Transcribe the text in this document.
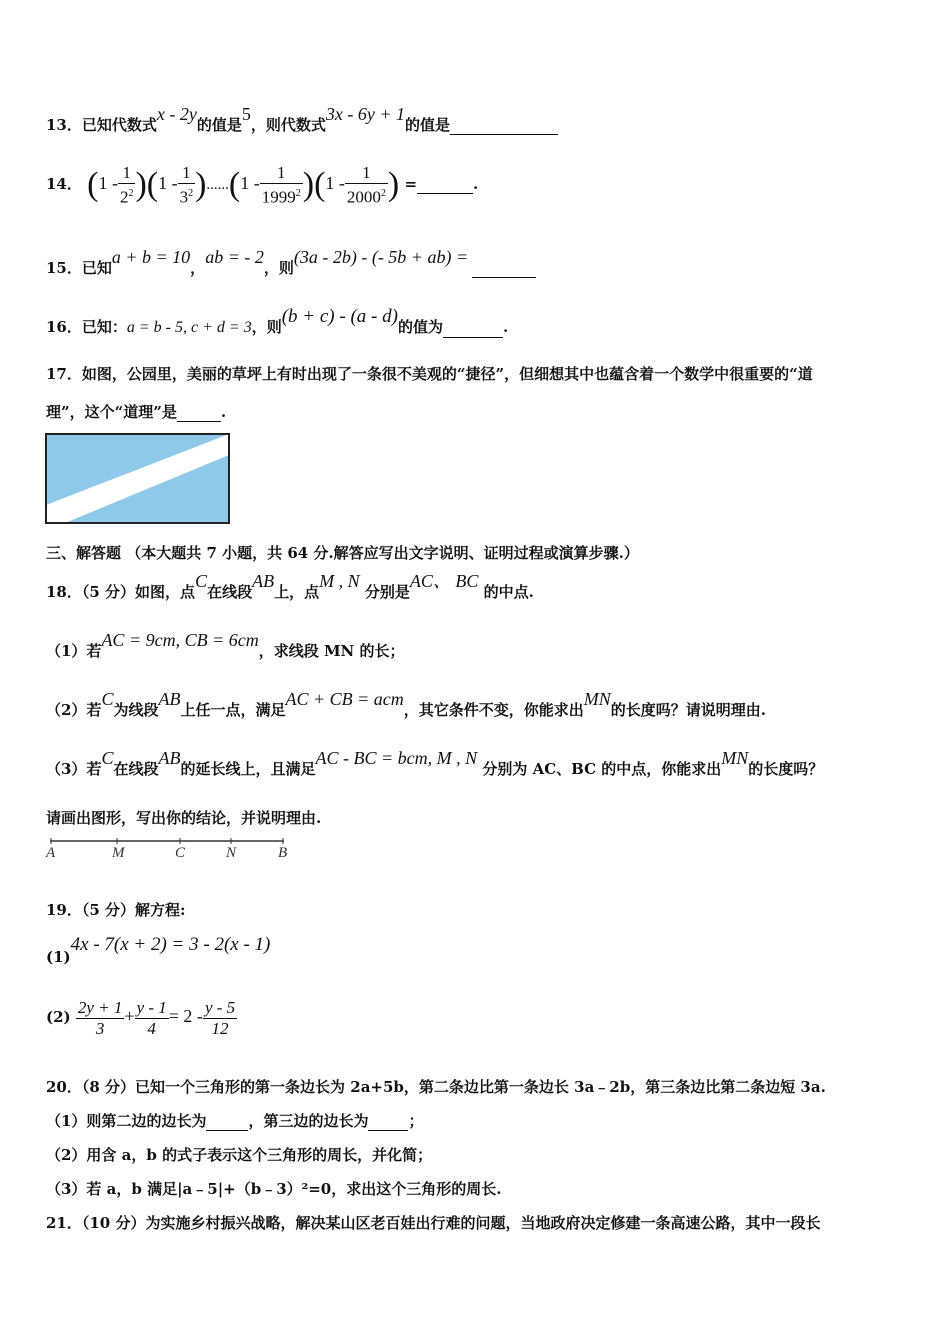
13．已知代数式x - 2y的值是5，则代数式3x - 6y + 1的值是
14． $(1 - \frac{1}{2^2} )(1 - \frac{1}{3^2} )......(1 - \frac{1}{1999^2} )(1 - \frac{1}{2000^2}$ ) =	.
15．已知a + b = 10，ab = - 2，则(3a - 2b) - (- 5b + ab) =
16．已知：a = b - 5, c + d = 3，则(b + c) - (a - d)的值为	.
17．如图，公园里，美丽的草坪上有时出现了一条很不美观的“捷径”，但细想其中也蕴含着一个数学中很重要的“道
理”，这个“道理”是	.
三、解答题 （本大题共 7 小题，共 64 分.解答应写出文字说明、证明过程或演算步骤.）
18．（5 分）如图，点C在线段AB上，点M , N 分别是AC、 BC 的中点.
（1）若AC = 9cm, CB = 6cm，求线段 MN 的长；
（2）若C为线段AB上任一点，满足AC + CB = acm，其它条件不变，你能求出MN的长度吗？请说明理由.
（3）若C在线段AB的延长线上，且满足AC - BC = bcm, M , N 分别为 AC、BC 的中点，你能求出MN的长度吗？
请画出图形，写出你的结论，并说明理由.
A	M	C	N	B
19．（5 分）解方程:
(1)4x - 7(x + 2) = 3 - 2(x - 1)
$(2) \frac{2y + 1}{3} + \frac{y - 1}{4} = 2 - \frac{y - 5}{12}$
20．（8 分）已知一个三角形的第一条边长为 2a+5b，第二条边比第一条边长 3a﹣2b，第三条边比第二条边短 3a.
（1）则第二边的边长为	，第三边的边长为	；
（2）用含 a，b 的式子表示这个三角形的周长，并化简；
（3）若 a，b 满足|a﹣5|+（b﹣3）²=0，求出这个三角形的周长.
21．（10 分）为实施乡村振兴战略，解决某山区老百娃出行难的问题，当地政府决定修建一条高速公路，其中一段长
